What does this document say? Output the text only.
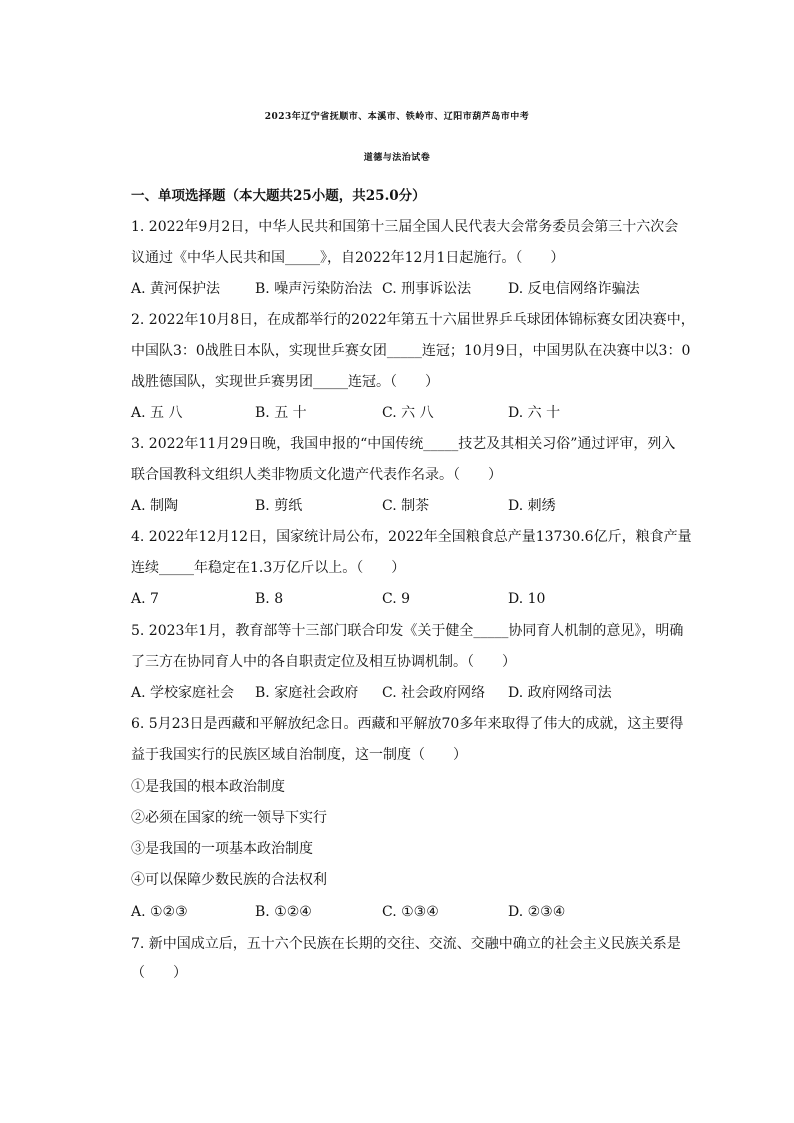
2023年辽宁省抚顺市、本溪市、铁岭市、辽阳市葫芦岛市中考
道德与法治试卷
一、单项选择题（本大题共25小题，共25.0分）
1. 2022年9月2日，中华人民共和国第十三届全国人民代表大会常务委员会第三十六次会
议通过《中华人民共和国_____》，自2022年12月1日起施行。（　　）
A. 黄河保护法 B. 噪声污染防治法 C. 刑事诉讼法	D. 反电信网络诈骗法
2. 2022年10月8日，在成都举行的2022年第五十六届世界乒乓球团体锦标赛女团决赛中，
中国队3：0战胜日本队，实现世乒赛女团_____连冠；10月9日，中国男队在决赛中以3：0
战胜德国队，实现世乒赛男团_____连冠。（　　）
A. 五 八	B. 五 十	C. 六 八	D. 六 十
3. 2022年11月29日晚，我国申报的“中国传统_____技艺及其相关习俗”通过评审，列入
联合国教科文组织人类非物质文化遗产代表作名录。（　　）
A. 制陶	B. 剪纸	C. 制茶	D. 刺绣
4. 2022年12月12日，国家统计局公布，2022年全国粮食总产量13730.6亿斤，粮食产量
连续_____年稳定在1.3万亿斤以上。（　　）
A. 7	B. 8	C. 9	D. 10
5. 2023年1月，教育部等十三部门联合印发《关于健全_____协同育人机制的意见》，明确
了三方在协同育人中的各自职责定位及相互协调机制。（　　）
A. 学校家庭社会 B. 家庭社会政府 C. 社会政府网络 D. 政府网络司法
6. 5月23日是西藏和平解放纪念日。西藏和平解放70多年来取得了伟大的成就，这主要得
益于我国实行的民族区域自治制度，这一制度（　　）
①是我国的根本政治制度
②必须在国家的统一领导下实行
③是我国的一项基本政治制度
④可以保障少数民族的合法权利
A. ①②③	B. ①②④	C. ①③④	D. ②③④
7. 新中国成立后，五十六个民族在长期的交往、交流、交融中确立的社会主义民族关系是
（　　）
